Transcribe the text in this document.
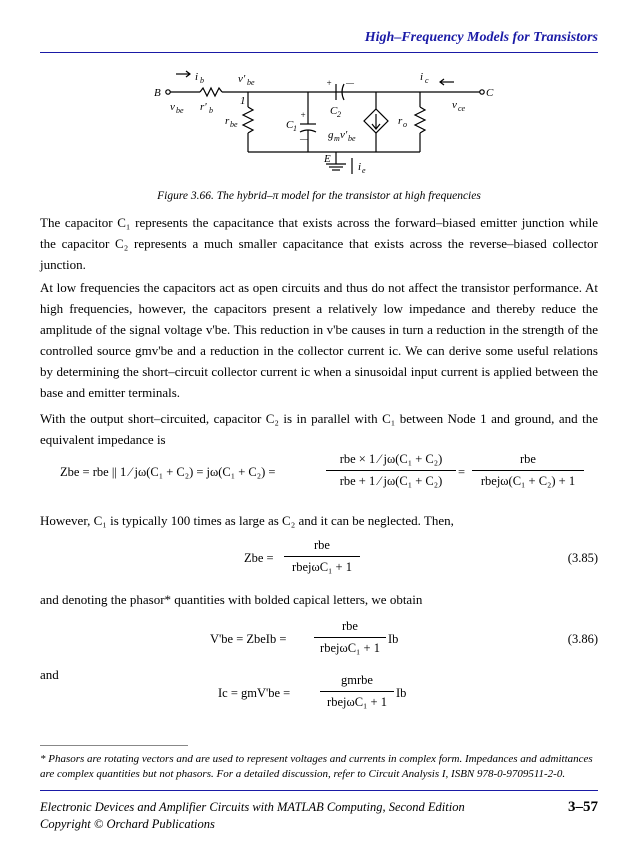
High–Frequency Models for Transistors
B	C
E
1
i b	v' be	i c
v be r' b	v ce
r be	C 1
C 2
g m v' be
r o
i e
+ —
+
—
Figure 3.66. The hybrid–π model for the transistor at high frequencies

The capacitor C₁ represents the capacitance that exists across the forward–biased emitter junction while the capacitor C₂ represents a much smaller capacitance that exists across the reverse–biased collector junction.

At low frequencies the capacitors act as open circuits and thus do not affect the transistor performance. At high frequencies, however, the capacitors present a relatively low impedance and thereby reduce the amplitude of the signal voltage v'be. This reduction in v'be causes in turn a reduction in the strength of the controlled source gmv'be and a reduction in the collector current ic. We can derive some useful relations by determining the short–circuit collector current ic when a sinusoidal input current is applied between the base and emitter terminals.

With the output short–circuited, capacitor C₂ is in parallel with C₁ between Node 1 and ground, and the equivalent impedance is

Zbe = rbe || 1 ⁄ jω(C₁ + C₂) = jω(C₁ + C₂) =
rbe × 1 ⁄ jω(C₁ + C₂)
rbe + 1 ⁄ jω(C₁ + C₂)
=
rbe
rbejω(C₁ + C₂) + 1

However, C₁ is typically 100 times as large as C₂ and it can be neglected. Then,

Zbe =
rbe
rbejωC₁ + 1
(3.85)

and denoting the phasor* quantities with bolded capical letters, we obtain

V'be = ZbeIb =
rbe
rbejωC₁ + 1
Ib	(3.86)

and

Ic = gmV'be =
gmrbe
rbejωC₁ + 1
Ib
* Phasors are rotating vectors and are used to represent voltages and currents in complex form. Impedances and admittances are complex quantities but not phasors. For a detailed discussion, refer to Circuit Analysis I, ISBN 978-0-9709511-2-0.
Electronic Devices and Amplifier Circuits with MATLAB Computing, Second Edition
Copyright © Orchard Publications
3–57
